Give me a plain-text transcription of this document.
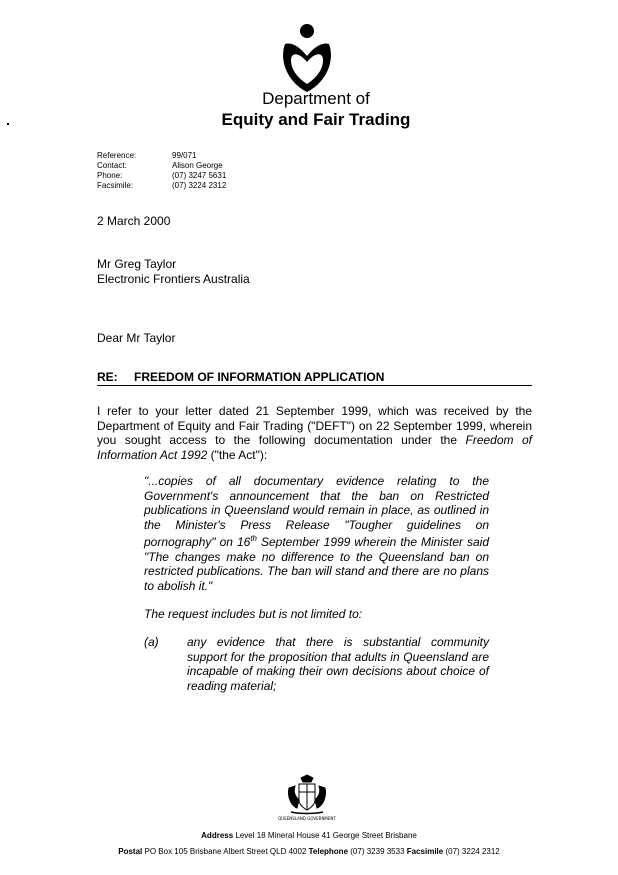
Department of
Equity and Fair Trading
Reference:	99/071
Contact:	Alison George
Phone:	(07) 3247 5631
Facsimile:	(07) 3224 2312
2 March 2000
Mr Greg Taylor
Electronic Frontiers Australia
Dear Mr Taylor
RE: FREEDOM OF INFORMATION APPLICATION
I refer to your letter dated 21 September 1999, which was received by the Department of Equity and Fair Trading ("DEFT") on 22 September 1999, wherein you sought access to the following documentation under the Freedom of Information Act 1992 ("the Act"):
"...copies of all documentary evidence relating to the Government's announcement that the ban on Restricted publications in Queensland would remain in place, as outlined in the Minister's Press Release "Tougher guidelines on pornography" on 16th September 1999 wherein the Minister said "The changes make no difference to the Queensland ban on restricted publications. The ban will stand and there are no plans to abolish it."
The request includes but is not limited to:
(a) any evidence that there is substantial community support for the proposition that adults in Queensland are incapable of making their own decisions about choice of reading material;
QUEENSLAND GOVERNMENT
Address Level 18 Mineral House 41 George Street Brisbane
Postal PO Box 105 Brisbane Albert Street QLD 4002 Telephone (07) 3239 3533 Facsimile (07) 3224 2312
